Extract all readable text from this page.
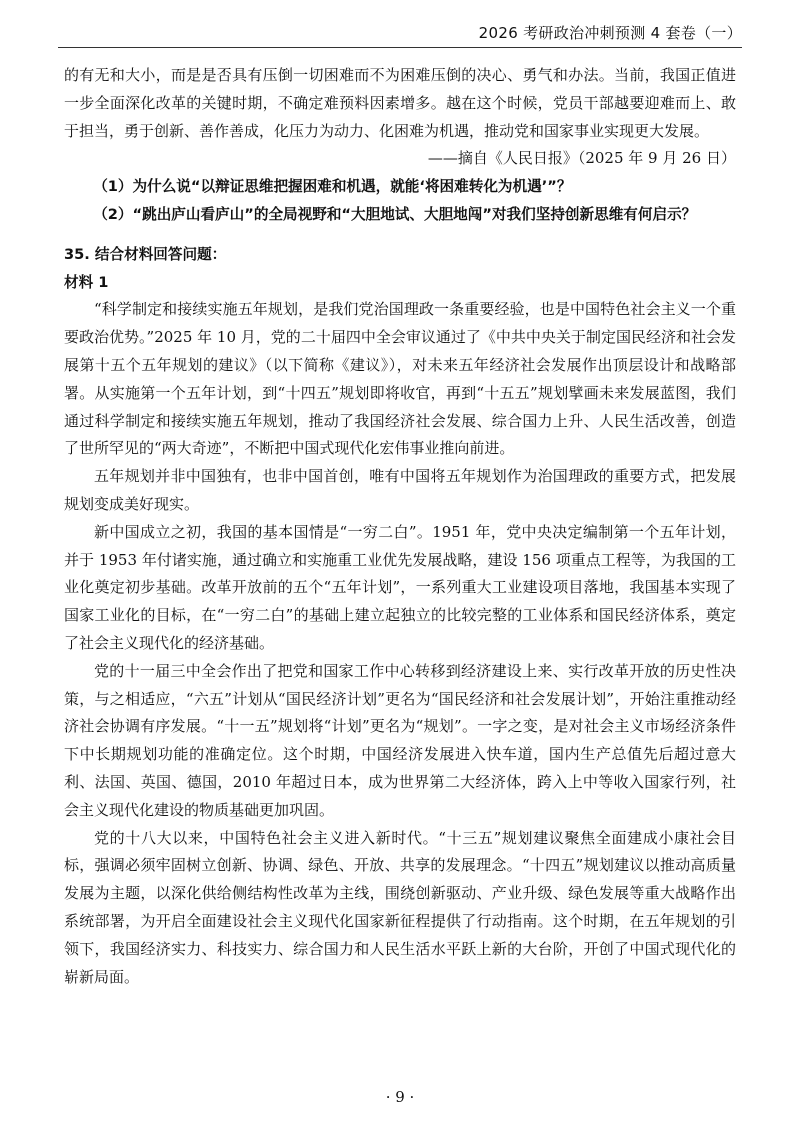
2026 考研政治冲刺预测 4 套卷（一）

的有无和大小，而是是否具有压倒一切困难而不为困难压倒的决心、勇气和办法。当前，我国正值进一步全面深化改革的关键时期，不确定难预料因素增多。越在这个时候，党员干部越要迎难而上、敢于担当，勇于创新、善作善成，化压力为动力、化困难为机遇，推动党和国家事业实现更大发展。

——摘自《人民日报》（2025 年 9 月 26 日）

（1）为什么说“以辩证思维把握困难和机遇，就能‘将困难转化为机遇’”？

（2）“跳出庐山看庐山”的全局视野和“大胆地试、大胆地闯”对我们坚持创新思维有何启示？

35. 结合材料回答问题：

材料 1

“科学制定和接续实施五年规划，是我们党治国理政一条重要经验，也是中国特色社会主义一个重要政治优势。”2025 年 10 月，党的二十届四中全会审议通过了《中共中央关于制定国民经济和社会发展第十五个五年规划的建议》（以下简称《建议》），对未来五年经济社会发展作出顶层设计和战略部署。从实施第一个五年计划，到“十四五”规划即将收官，再到“十五五”规划擘画未来发展蓝图，我们通过科学制定和接续实施五年规划，推动了我国经济社会发展、综合国力上升、人民生活改善，创造了世所罕见的“两大奇迹”，不断把中国式现代化宏伟事业推向前进。

五年规划并非中国独有，也非中国首创，唯有中国将五年规划作为治国理政的重要方式，把发展规划变成美好现实。

新中国成立之初，我国的基本国情是“一穷二白”。1951 年，党中央决定编制第一个五年计划，并于 1953 年付诸实施，通过确立和实施重工业优先发展战略，建设 156 项重点工程等，为我国的工业化奠定初步基础。改革开放前的五个“五年计划”，一系列重大工业建设项目落地，我国基本实现了国家工业化的目标，在“一穷二白”的基础上建立起独立的比较完整的工业体系和国民经济体系，奠定了社会主义现代化的经济基础。

党的十一届三中全会作出了把党和国家工作中心转移到经济建设上来、实行改革开放的历史性决策，与之相适应，“六五”计划从“国民经济计划”更名为“国民经济和社会发展计划”，开始注重推动经济社会协调有序发展。“十一五”规划将“计划”更名为“规划”。一字之变，是对社会主义市场经济条件下中长期规划功能的准确定位。这个时期，中国经济发展进入快车道，国内生产总值先后超过意大利、法国、英国、德国，2010 年超过日本，成为世界第二大经济体，跨入上中等收入国家行列，社会主义现代化建设的物质基础更加巩固。

党的十八大以来，中国特色社会主义进入新时代。“十三五”规划建议聚焦全面建成小康社会目标，强调必须牢固树立创新、协调、绿色、开放、共享的发展理念。“十四五”规划建议以推动高质量发展为主题，以深化供给侧结构性改革为主线，围绕创新驱动、产业升级、绿色发展等重大战略作出系统部署，为开启全面建设社会主义现代化国家新征程提供了行动指南。这个时期，在五年规划的引领下，我国经济实力、科技实力、综合国力和人民生活水平跃上新的大台阶，开创了中国式现代化的崭新局面。

· 9 ·
